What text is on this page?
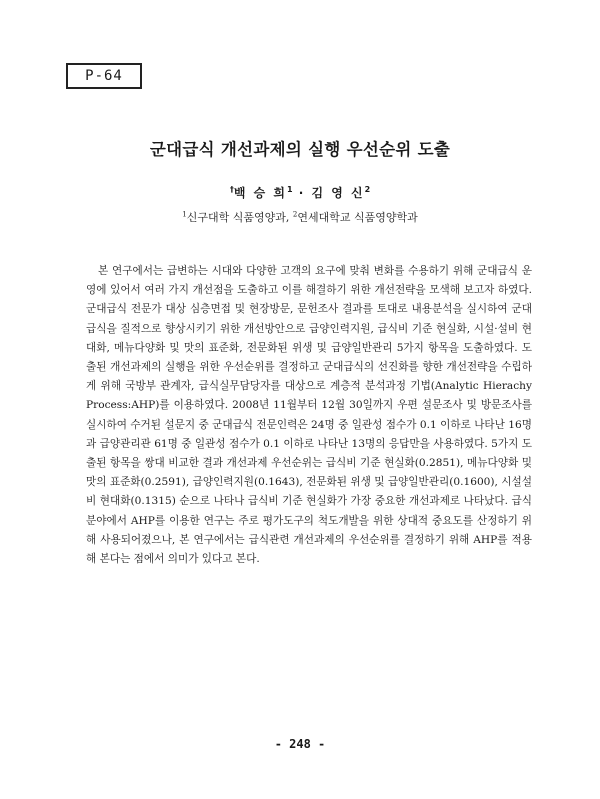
P-64
군대급식 개선과제의 실행 우선순위 도출
†백 승 희$^1$ · 김 영 신$^2$
$^1$신구대학 식품영양과, $^2$연세대학교 식품영양학과
본 연구에서는 급변하는 시대와 다양한 고객의 요구에 맞춰 변화를 수용하기 위해 군대급식 운영에 있어서 여러 가지 개선점을 도출하고 이를 해결하기 위한 개선전략을 모색해 보고자 하였다. 군대급식 전문가 대상 심층면접 및 현장방문, 문헌조사 결과를 토대로 내용분석을 실시하여 군대급식을 질적으로 향상시키기 위한 개선방안으로 급양인력지원, 급식비 기준 현실화, 시설·설비 현대화, 메뉴다양화 및 맛의 표준화, 전문화된 위생 및 급양일반관리 5가지 항목을 도출하였다. 도출된 개선과제의 실행을 위한 우선순위를 결정하고 군대급식의 선진화를 향한 개선전략을 수립하게 위해 국방부 관계자, 급식실무담당자를 대상으로 계층적 분석과정 기법(Analytic Hierachy Process:AHP)를 이용하였다. 2008년 11월부터 12월 30일까지 우편 설문조사 및 방문조사를 실시하여 수거된 설문지 중 군대급식 전문인력은 24명 중 일관성 점수가 0.1 이하로 나타난 16명과 급양관리관 61명 중 일관성 점수가 0.1 이하로 나타난 13명의 응답만을 사용하였다. 5가지 도출된 항목을 쌍대 비교한 결과 개선과제 우선순위는 급식비 기준 현실화(0.2851), 메뉴다양화 및 맛의 표준화(0.2591), 급양인력지원(0.1643), 전문화된 위생 및 급양일반관리(0.1600), 시설설비 현대화(0.1315) 순으로 나타나 급식비 기준 현실화가 가장 중요한 개선과제로 나타났다. 급식분야에서 AHP를 이용한 연구는 주로 평가도구의 척도개발을 위한 상대적 중요도를 산정하기 위해 사용되어졌으나, 본 연구에서는 급식관련 개선과제의 우선순위를 결정하기 위해 AHP를 적용해 본다는 점에서 의미가 있다고 본다.
- 248 -
